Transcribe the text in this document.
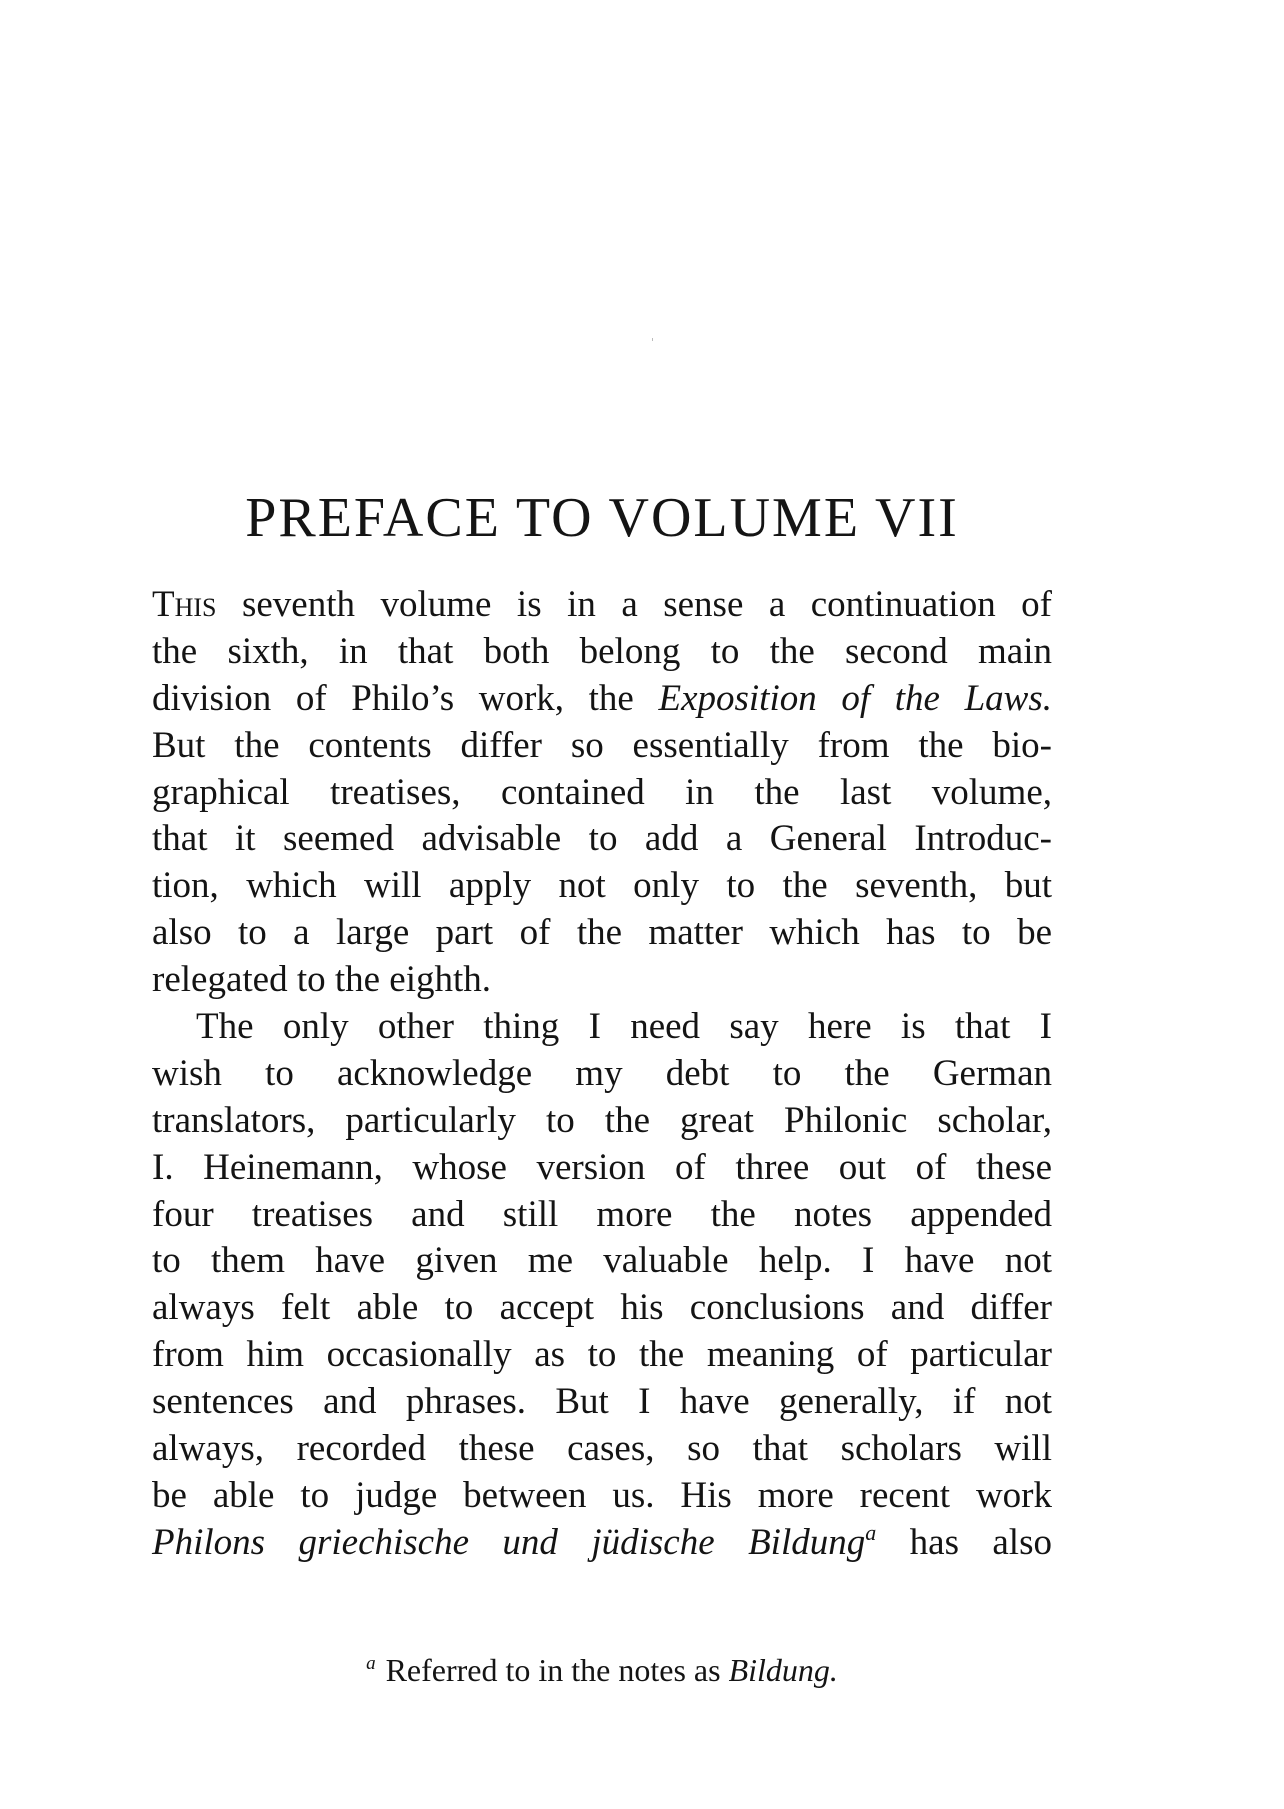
PREFACE TO VOLUME VII
This seventh volume is in a sense a continuation of
the sixth, in that both belong to the second main
division of Philo’s work, the Exposition of the Laws.
But the contents differ so essentially from the bio-
graphical treatises, contained in the last volume,
that it seemed advisable to add a General Introduc-
tion, which will apply not only to the seventh, but
also to a large part of the matter which has to be
relegated to the eighth.
The only other thing I need say here is that I
wish to acknowledge my debt to the German
translators, particularly to the great Philonic scholar,
I. Heinemann, whose version of three out of these
four treatises and still more the notes appended
to them have given me valuable help. I have not
always felt able to accept his conclusions and differ
from him occasionally as to the meaning of particular
sentences and phrases. But I have generally, if not
always, recorded these cases, so that scholars will
be able to judge between us. His more recent work
Philons griechische und jüdische Bildung$^a$ has also
$^a$ Referred to in the notes as Bildung.
